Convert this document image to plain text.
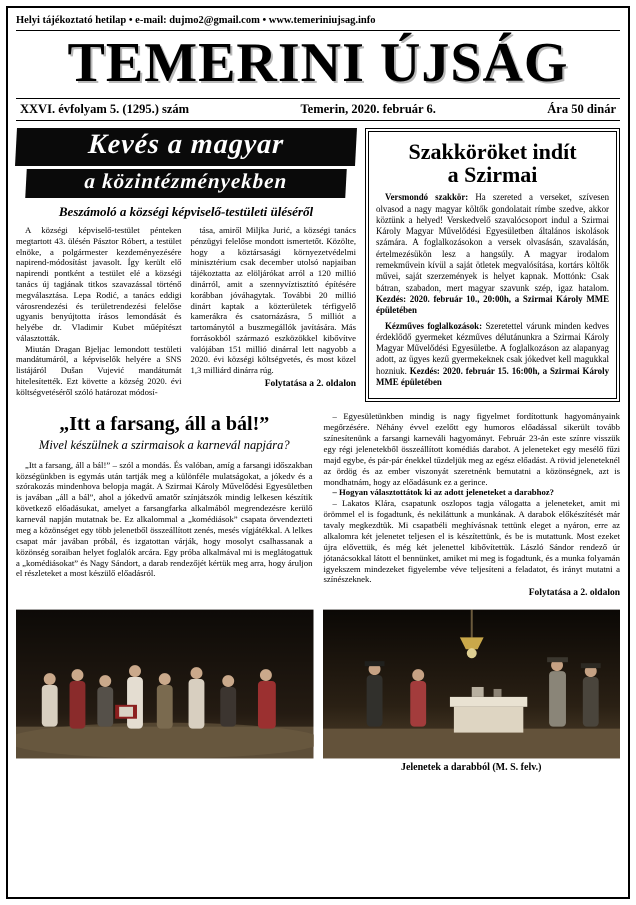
Helyi tájékoztató hetilap • e-mail: dujmo2@gmail.com • www.temeriniujsag.info
TEMERINI ÚJSÁG
XXVI. évfolyam 5. (1295.) szám	Temerin, 2020. február 6.	Ára 50 dinár
Kevés a magyar
a közintézményekben
Beszámoló a községi képviselő-testületi üléséről

A községi képviselő-testület pénteken megtartott 43. ülésén Pásztor Róbert, a testület elnöke, a polgármester kezdeményezésére napirend-módosítást javasolt. Így került elő napirendi pontként a testület elé a községi tanács új tagjának titkos szavazással történő megválasztása. Lepa Rodić, a tanács eddigi városrendezési és területrendezési felelőse ugyanis benyújtotta írásos lemondását és helyébe dr. Vladimir Kubet műépítészt választották.

Miután Dragan Bjeljac lemondott testületi mandátumáról, a képviselők helyére a SNS listájáról Dušan Vujević mandátumát hitelesítették. Ezt követte a község 2020. évi költségvetéséről szóló határozat módosí-

tása, amiről Miljka Jurić, a községi tanács pénzügyi felelőse mondott ismertetőt. Közölte, hogy a köztársasági környezetvédelmi minisztérium csak december utolsó napjaiban tájékoztatta az elöljárókat arról a 120 millió dinárról, amit a szennyvíztisztító építésére korábban jóváhagytak. További 20 millió dinárt kaptak a közterületek térfigyelő kamerákra és csatornázásra, 5 milliót a tartománytól a buszmegállók javítására. Más forrásokból származó eszközökkel kibővítve valójában 151 millió dinárral lett nagyobb a 2020. évi községi költségvetés, és most közel 1,3 milliárd dinárra rúg.

Folytatása a 2. oldalon

Szakköröket indít
a Szirmai

Versmondó szakkör: Ha szereted a verseket, szívesen olvasod a nagy magyar költők gondolatait rímbe szedve, akkor köztünk a helyed! Verskedvelő szavalócsoport indul a Szirmai Károly Magyar Művelődési Egyesületben általános iskolások számára. A foglalkozásokon a versek olvasásán, szavalásán, értelmezésükön lesz a hangsúly. A magyar irodalom remekművein kívül a saját ötletek megvalósítása, kortárs költők művei, saját szerzemények is helyet kapnak. Mottónk: Csak bátran, szabadon, mert magyar szavunk szép, igaz hatalom. Kezdés: 2020. február 10., 20:00h, a Szirmai Károly MME épületében

Kézműves foglalkozások: Szeretettel várunk minden kedves érdeklődő gyermeket kézműves délutánunkra a Szirmai Károly Magyar Művelődési Egyesületbe. A foglalkozáson az alapanyag adott, az ügyes kezű gyermekeknek csak jókedvet kell magukkal hozniuk. Kezdés: 2020. február 15. 16:00h, a Szirmai Károly MME épületében

„Itt a farsang, áll a bál!”
Mivel készülnek a szirmaisok a karnevál napjára?

„Itt a farsang, áll a bál!” – szól a mondás. És valóban, amíg a farsangi időszakban községünkben is egymás után tartják meg a különféle mulatságokat, a jókedv és a szórakozás mindenhova belopja magát. A Szirmai Károly Művelődési Egyesületben is javában „áll a bál”, ahol a jókedvű amatőr színjátszók mindig lelkesen készítik következő előadásukat, amelyet a farsangfarka alkalmából megrendezésre kerülő karnevál napján mutatnak be. Ez alkalommal a „komédiások” csapata örvendezteti meg a közönséget egy több jelenetből összeállított zenés, mesés vígjátékkal. A lelkes csapat már javában próbál, és izgatottan várják, hogy mosolyt csalhassanak a közönség soraiban helyet foglalók arcára. Egy próba alkalmával mi is meglátogattuk a „komédiásokat” és Nagy Sándort, a darab rendezőjét kértük meg arra, hogy áruljon el részleteket a most készülő előadásról.

– Egyesületünkben mindig is nagy figyelmet fordítottunk hagyományaink megőrzésére. Néhány évvel ezelőtt egy humoros előadással sikerült tovább színesítenünk a farsangi karneváli hagyományt. Február 23-án este színre visszük egy régi jelenetekből összeállított komédiás darabot. A jeleneteket egy mesélő fűzi majd egybe, és pár-pár énekkel tűzdeljük meg az egész előadást. A rövid jeleneteknél az ördög és az ember viszonyát szeretnénk bemutatni a közönségnek, azt is mondhatnám, hogy az előadásunk ez a gerince.

– Hogyan választottátok ki az adott jeleneteket a darabhoz?

– Lakatos Klára, csapatunk oszlopos tagja válogatta a jeleneteket, amit mi örömmel el is fogadtunk, és nekiláttunk a munkának. A darabok előkészítését már tavaly megkezdtük. Mi csapatbéli meghívásnak tettünk eleget a nyáron, erre az alkalomra két jelenetet teljesen el is készítettünk, és be is mutattunk. Most ezeket újra elővettük, és még két jelenettel kibővítettük. László Sándor rendező úr jótanácsokkal látott el bennünket, amiket mi meg is fogadtunk, és a munka folyamán igyekszem mindezeket figyelembe véve teljesíteni a feladatot, és irányt mutatni a színészeknek.

Folytatása a 2. oldalon

Jelenetek a darabból (M. S. felv.)
